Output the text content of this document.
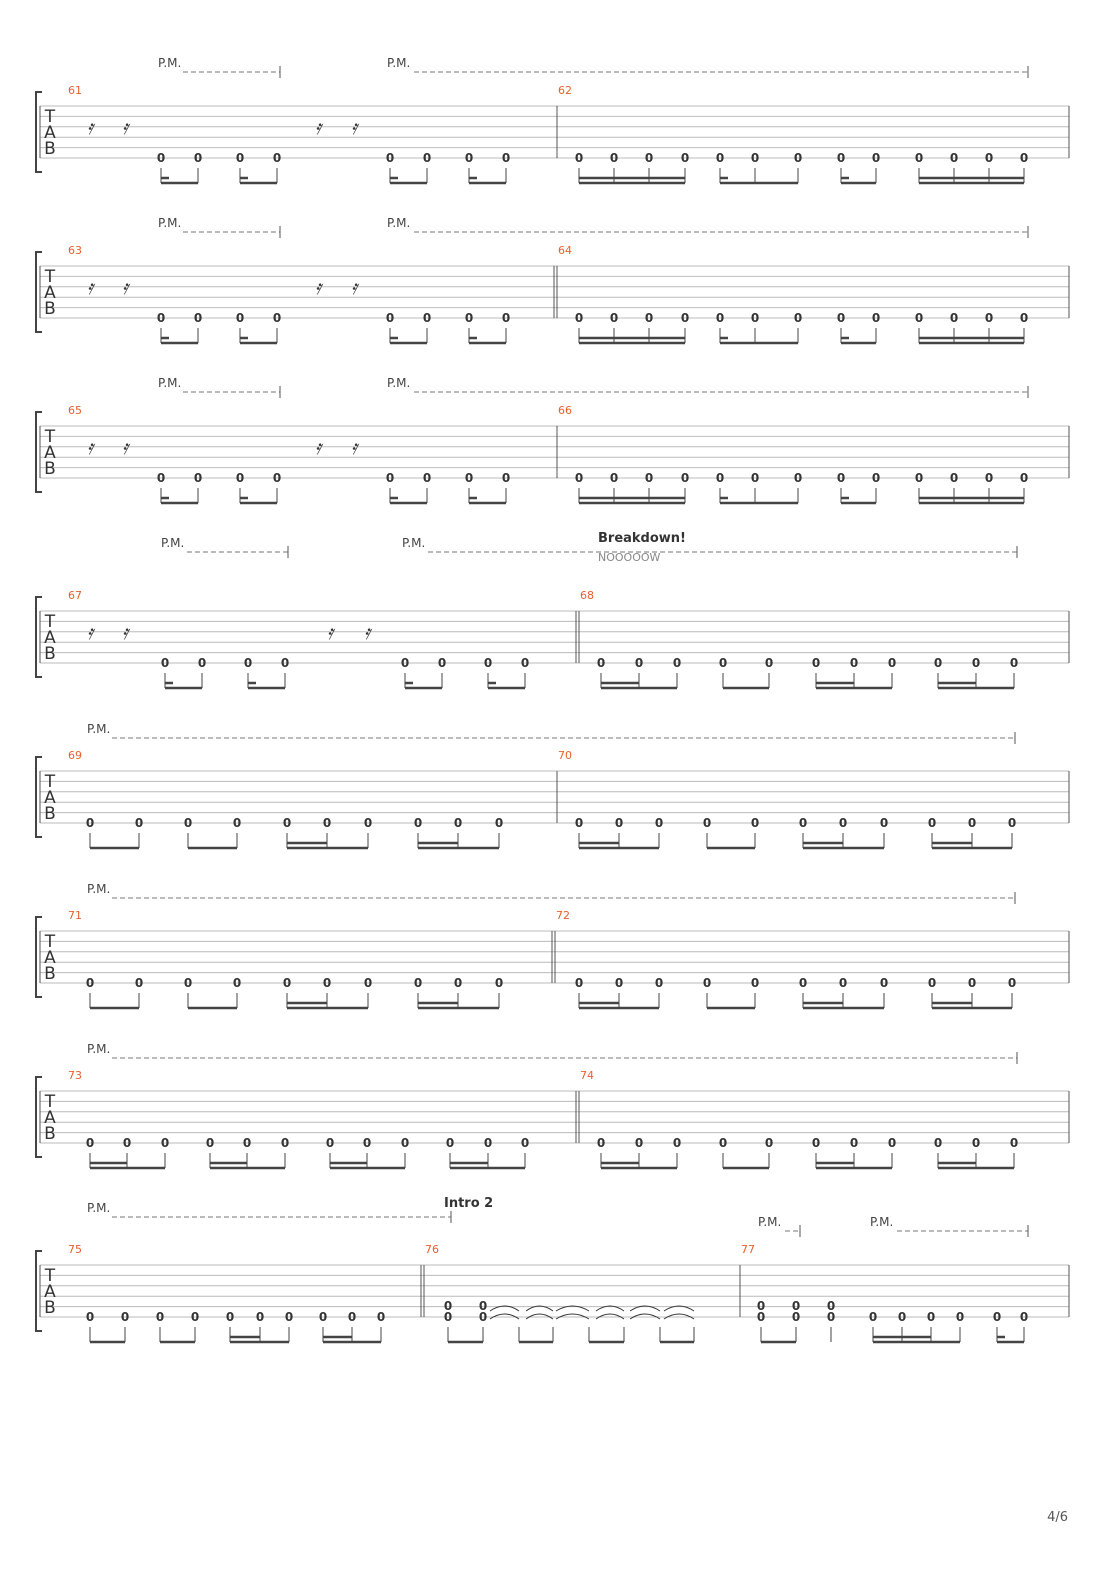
T
A
B
61	62
P.M.	P.M.
𝄿 𝄿	𝄿 𝄿
0 0	0 0	0 0	0 0	0 0 0 0 0 0	0	0 0	0 0 0 0
T
A
B
63	64
P.M.	P.M.
𝄿 𝄿	𝄿 𝄿
0 0	0 0	0 0	0 0	0 0 0 0 0 0	0	0 0	0 0 0 0
T
A
B
65	66
P.M.	P.M.
𝄿 𝄿	𝄿 𝄿
0 0	0 0	0 0	0 0	0 0 0 0 0 0	0	0 0	0 0 0 0
T
A
B
67	68
P.M.	P.M.	Breakdown!
NOOOOOW
𝄿 𝄿	𝄿 𝄿
0 0	0 0	0 0	0 0	0 0 0	0	0	0 0 0	0 0 0
T
A
B
69	70
P.M.
0	0	0	0	0	0	0	0	0	0	0	0	0	0	0	0	0	0	0	0	0
T
A
B
71	72
P.M.
0	0	0	0	0	0	0	0	0	0	0	0	0	0	0	0	0	0	0	0	0
T
A
B
73	74
P.M.
0 0 0	0 0 0	0 0 0	0 0 0	0 0 0	0	0	0 0 0	0 0 0
T
A
B
75	76	77
P.M.
P.M.	P.M.
Intro 2
0 0 0 0 0 0 0 0 0 0	0 0	0 0 0	0 0 0 0 0 0
0 0	0 0 0
4/6
